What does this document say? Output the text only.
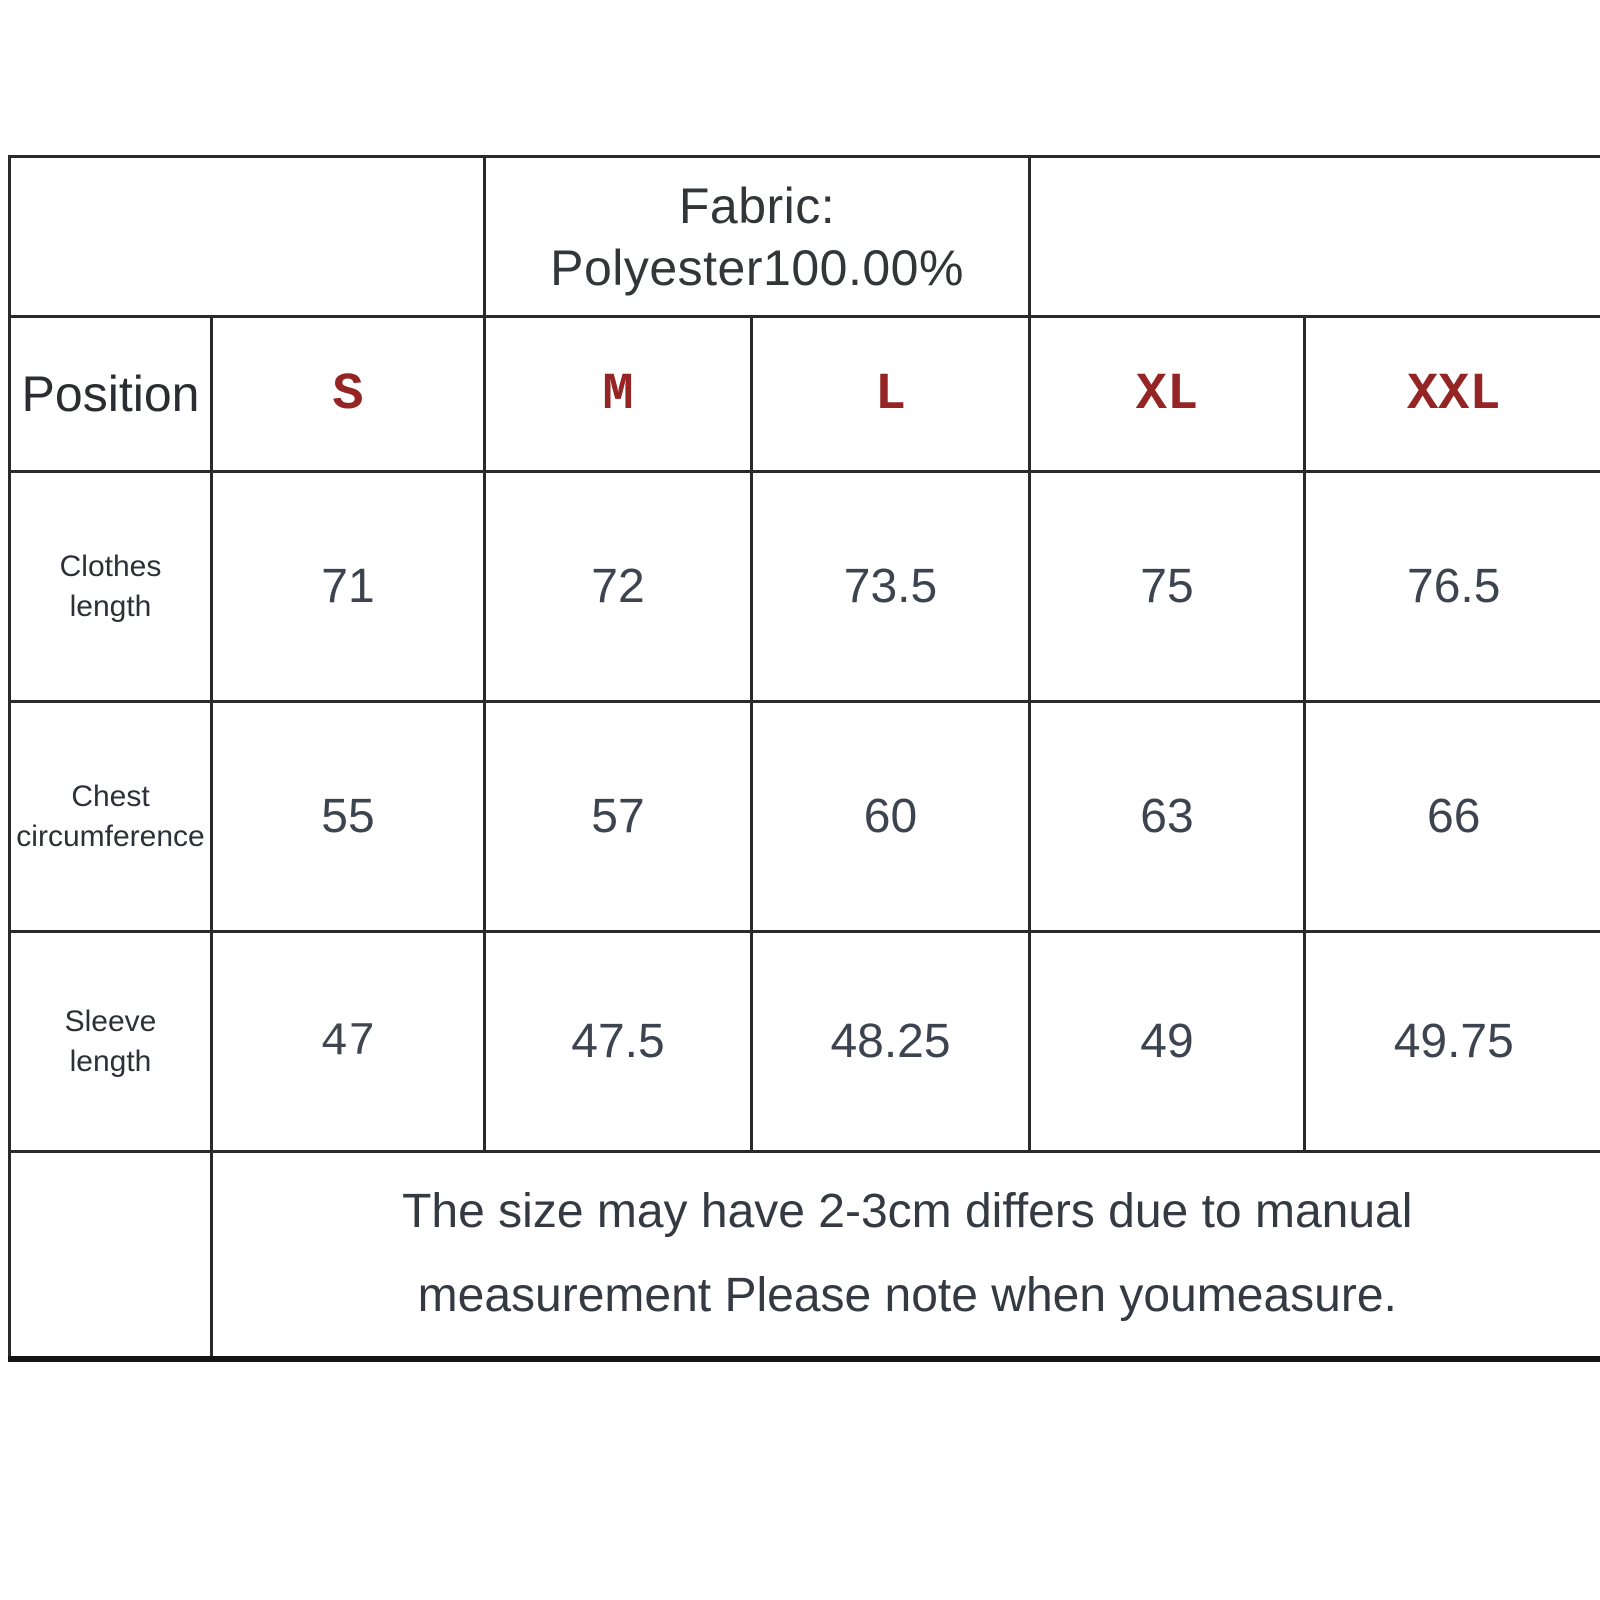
		Fabric:
Polyester100.00%			

Position	S	M	L	XL	XXL

Clothes
length	71	72	73.5	75	76.5

Chest
circumference	55	57	60	63	66

Sleeve
length	47	47.5	48.25	49	49.75

	The size may have 2-3cm differs due to manual
measurement Please note when youmeasure.				
